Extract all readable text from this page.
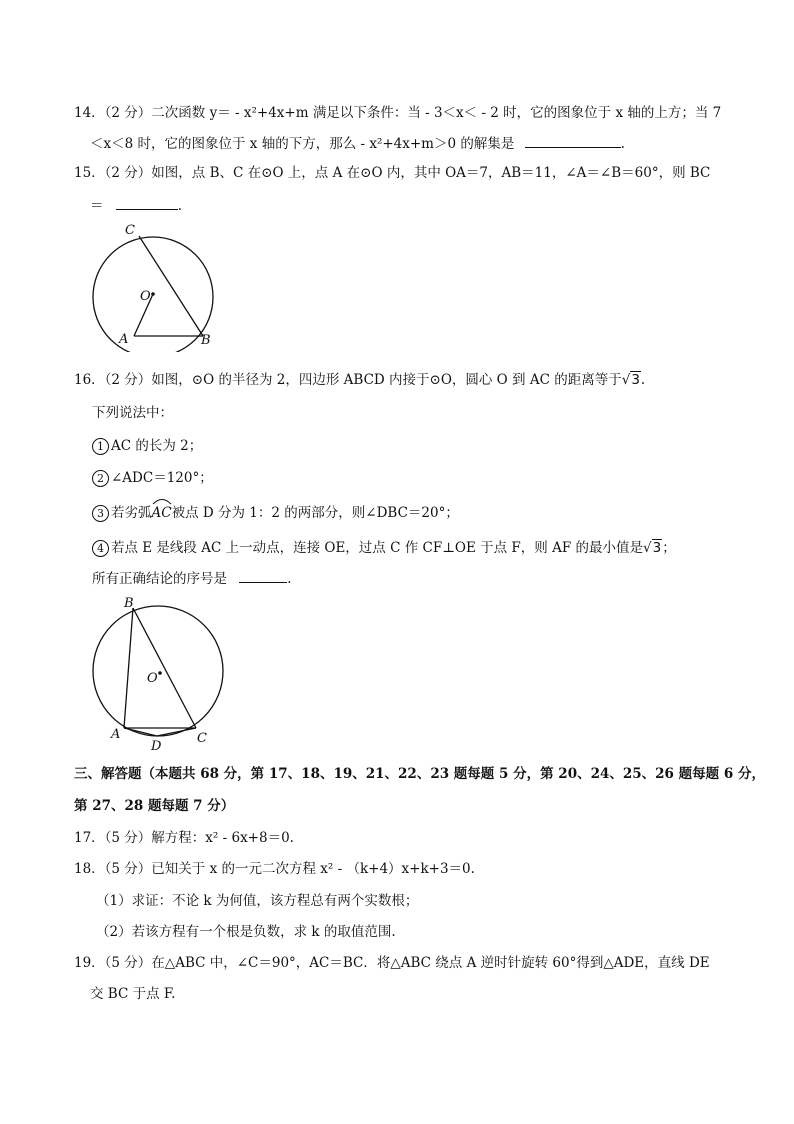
14．（2 分）二次函数 y＝ - x²+4x+m 满足以下条件：当 - 3＜x＜ - 2 时，它的图象位于 x 轴的上方；当 7
＜x＜8 时，它的图象位于 x 轴的下方，那么 - x²+4x+m＞0 的解集是	.
15．（2 分）如图，点 B、C 在⊙O 上，点 A 在⊙O 内，其中 OA＝7，AB＝11，∠A＝∠B＝60°，则 BC
＝	.
C
O
A	B
16．（2 分）如图，⊙O 的半径为 2，四边形 ABCD 内接于⊙O，圆心 O 到 AC 的距离等于√3.
下列说法中：
1 AC 的长为 2；
2 ∠ADC＝120°；
3 若劣弧
AC被点 D 分为 1：2 的两部分，则∠DBC＝20°；
4 若点 E 是线段 AC 上一动点，连接 OE，过点 C 作 CF⊥OE 于点 F，则 AF 的最小值是√3；
所有正确结论的序号是	.
B
O
A
D
C
三、解答题（本题共 68 分，第 17、18、19、21、22、23 题每题 5 分，第 20、24、25、26 题每题 6 分，
第 27、28 题每题 7 分）
17．（5 分）解方程：x² - 6x+8＝0.
18．（5 分）已知关于 x 的一元二次方程 x² - （k+4）x+k+3＝0.
（1）求证：不论 k 为何值，该方程总有两个实数根；
（2）若该方程有一个根是负数，求 k 的取值范围.
19．（5 分）在△ABC 中，∠C＝90°，AC＝BC．将△ABC 绕点 A 逆时针旋转 60°得到△ADE，直线 DE
交 BC 于点 F.
